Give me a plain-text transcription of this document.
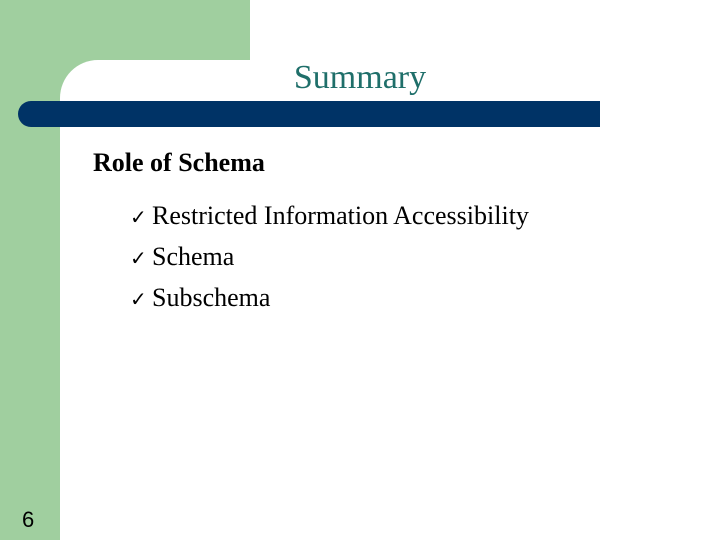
Summary
Role of Schema
✓ Restricted Information Accessibility
✓ Schema
✓ Subschema
6
